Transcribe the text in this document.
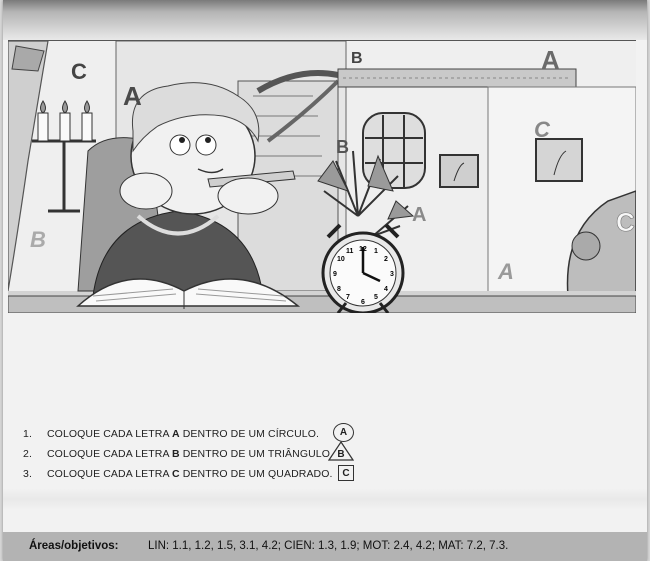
12
3
6
9
10	2
4
8
1
11
5
7
A
A
A
A
B
B
B
C
C
C
1.	COLOQUE CADA LETRA A DENTRO DE UM CÍRCULO. A
2.	COLOQUE CADA LETRA B DENTRO DE UM TRIÂNGULO. B
3.	COLOQUE CADA LETRA C DENTRO DE UM QUADRADO. C
Áreas/objetivos:	LIN: 1.1, 1.2, 1.5, 3.1, 4.2; CIEN: 1.3, 1.9; MOT: 2.4, 4.2; MAT: 7.2, 7.3.
